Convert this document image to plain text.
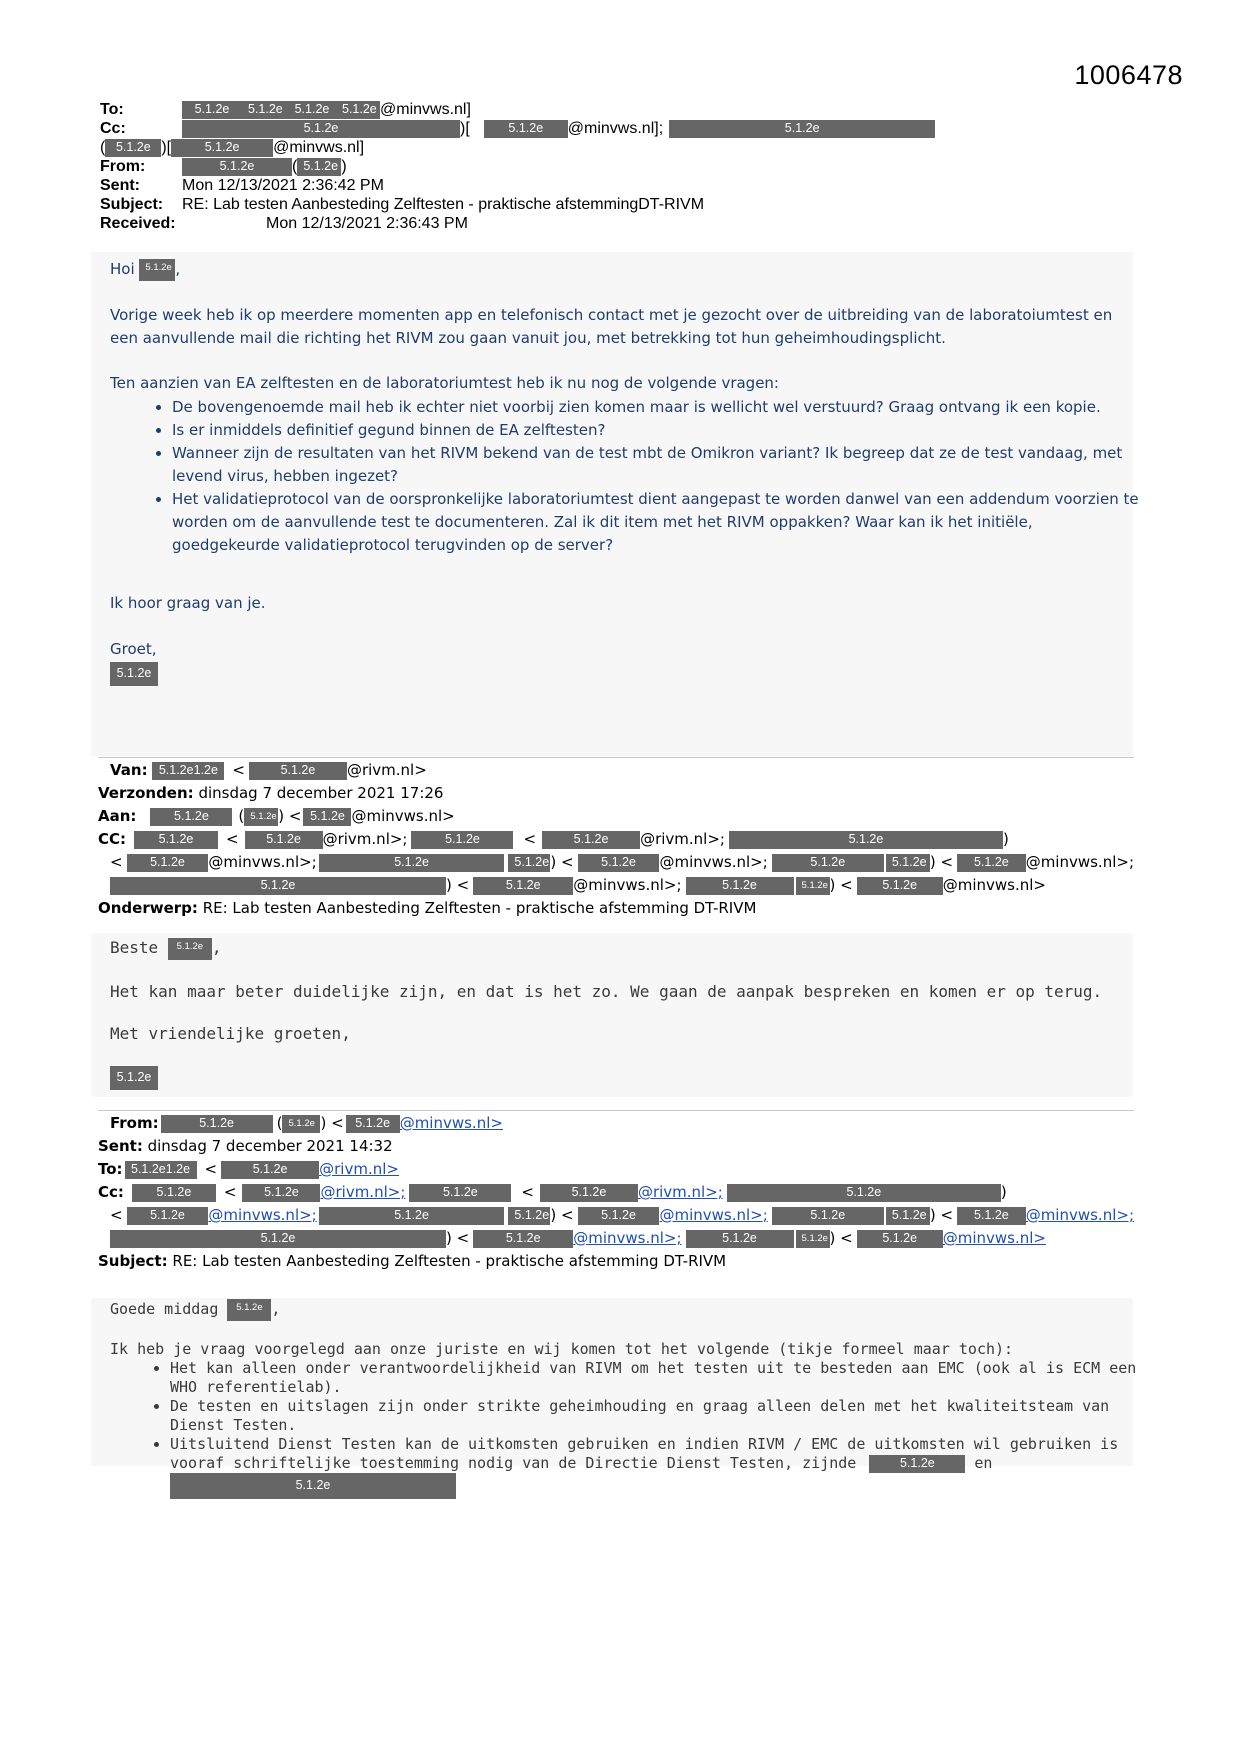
1006478
To:	5.1.2e	5.1.2e 5.1.2e	5.1.2e @minvws.nl]
Cc:	5.1.2e	)[	5.1.2e	@minvws.nl];	5.1.2e
( 5.1.2e )[	5.1.2e	@minvws.nl]
From:	5.1.2e	( 5.1.2e )
Sent:	Mon 12/13/2021 2:36:42 PM
Subject:	RE: Lab testen Aanbesteding Zelftesten - praktische afstemmingDT-RIVM
Received:	Mon 12/13/2021 2:36:43 PM
Hoi 5.1.2e ,
Vorige week heb ik op meerdere momenten app en telefonisch contact met je gezocht over de uitbreiding van de laboratoiumtest en een aanvullende mail die richting het RIVM zou gaan vanuit jou, met betrekking tot hun geheimhoudingsplicht.
Ten aanzien van EA zelftesten en de laboratoriumtest heb ik nu nog de volgende vragen:
• De bovengenoemde mail heb ik echter niet voorbij zien komen maar is wellicht wel verstuurd? Graag ontvang ik een kopie.
• Is er inmiddels definitief gegund binnen de EA zelftesten?
• Wanneer zijn de resultaten van het RIVM bekend van de test mbt de Omikron variant? Ik begreep dat ze de test vandaag, met levend virus, hebben ingezet?
• Het validatieprotocol van de oorspronkelijke laboratoriumtest dient aangepast te worden danwel van een addendum voorzien te worden om de aanvullende test te documenteren. Zal ik dit item met het RIVM oppakken? Waar kan ik het initiële, goedgekeurde validatieprotocol terugvinden op de server?
Ik hoor graag van je.
Groet,
5.1.2e
Van:
5.1.2e1.2e <	5.1.2e	@rivm.nl>
Verzonden:
dinsdag 7 december 2021 17:26
Aan:	5.1.2e	( 5.1.2e ) < 5.1.2e @minvws.nl>
CC:	5.1.2e	<	5.1.2e	@rivm.nl>;	5.1.2e	<	5.1.2e	@rivm.nl>;	5.1.2e	)
<	5.1.2e	@minvws.nl>;	5.1.2e	5.1.2e ) <	5.1.2e	@minvws.nl>;	5.1.2e	5.1.2e ) <	5.1.2e	@minvws.nl>;
5.1.2e	) <	5.1.2e	@minvws.nl>;	5.1.2e	5.1.2e ) <	5.1.2e	@minvws.nl>
Onderwerp:
RE: Lab testen Aanbesteding Zelftesten - praktische afstemming DT-RIVM
Beste 5.1.2e ,
Het kan maar beter duidelijke zijn, en dat is het zo. We gaan de aanpak bespreken en komen er op terug.
Met vriendelijke groeten,
5.1.2e
From:	5.1.2e	( 5.1.2e ) < 5.1.2e @minvws.nl>
Sent:
dinsdag 7 december 2021 14:32
To: 5.1.2e1.2e <	5.1.2e	@rivm.nl>
Cc:	5.1.2e	<	5.1.2e	@rivm.nl>;	5.1.2e	<	5.1.2e	@rivm.nl>;	5.1.2e	)
<	5.1.2e	@minvws.nl>;	5.1.2e	5.1.2e ) <	5.1.2e	@minvws.nl>;	5.1.2e	5.1.2e ) <	5.1.2e	@minvws.nl>;
5.1.2e	) <	5.1.2e	@minvws.nl>;	5.1.2e	5.1.2e ) <	5.1.2e	@minvws.nl>
Subject:
RE: Lab testen Aanbesteding Zelftesten - praktische afstemming DT-RIVM
Goede middag 5.1.2e ,
Ik heb je vraag voorgelegd aan onze juriste en wij komen tot het volgende (tikje formeel maar toch):
• Het kan alleen onder verantwoordelijkheid van RIVM om het testen uit te besteden aan EMC (ook al is ECM een WHO referentielab).
• De testen en uitslagen zijn onder strikte geheimhouding en graag alleen delen met het kwaliteitsteam van Dienst Testen.
• Uitsluitend Dienst Testen kan de uitkomsten gebruiken en indien RIVM / EMC de uitkomsten wil gebruiken is vooraf schriftelijke toestemming nodig van de Directie Dienst Testen, zijnde	5.1.2e	en 5.1.2e
